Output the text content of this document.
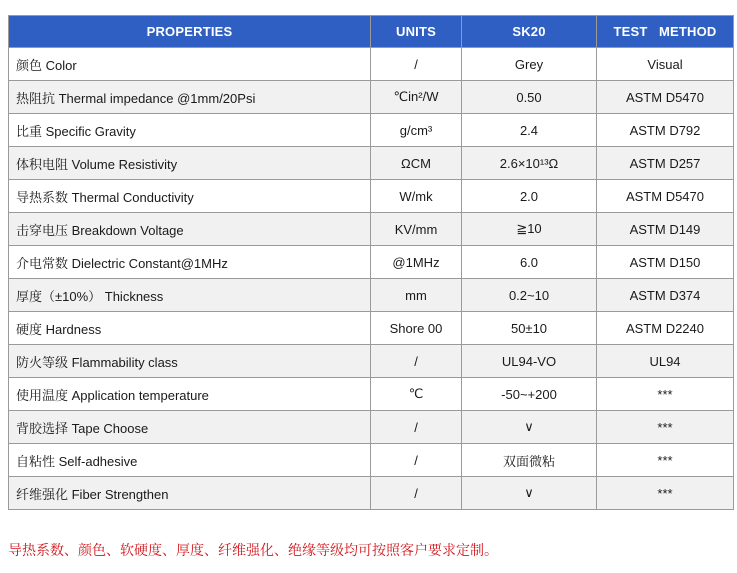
PROPERTIES	UNITS	SK20	TEST   METHOD
颜色 Color	/	Grey	Visual
热阻抗 Thermal impedance @1mm/20Psi	℃in²/W	0.50	ASTM D5470
比重 Specific Gravity	g/cm³	2.4	ASTM D792
体积电阻 Volume Resistivity	ΩCM	2.6×10¹³Ω	ASTM D257
导热系数 Thermal Conductivity	W/mk	2.0	ASTM D5470
击穿电压 Breakdown Voltage	KV/mm	≧10	ASTM D149
介电常数 Dielectric Constant@1MHz	@1MHz	6.0	ASTM D150
厚度（±10%） Thickness	mm	0.2~10	ASTM D374
硬度 Hardness	Shore 00	50±10	ASTM D2240
防火等级 Flammability class	/	UL94-VO	UL94
使用温度 Application temperature	℃	-50~+200	***
背胶选择 Tape Choose	/	∨	***
自粘性 Self-adhesive	/	双面微粘	***
纤维强化 Fiber Strengthen	/	∨	***
导热系数、颜色、软硬度、厚度、纤维强化、绝缘等级均可按照客户要求定制。
